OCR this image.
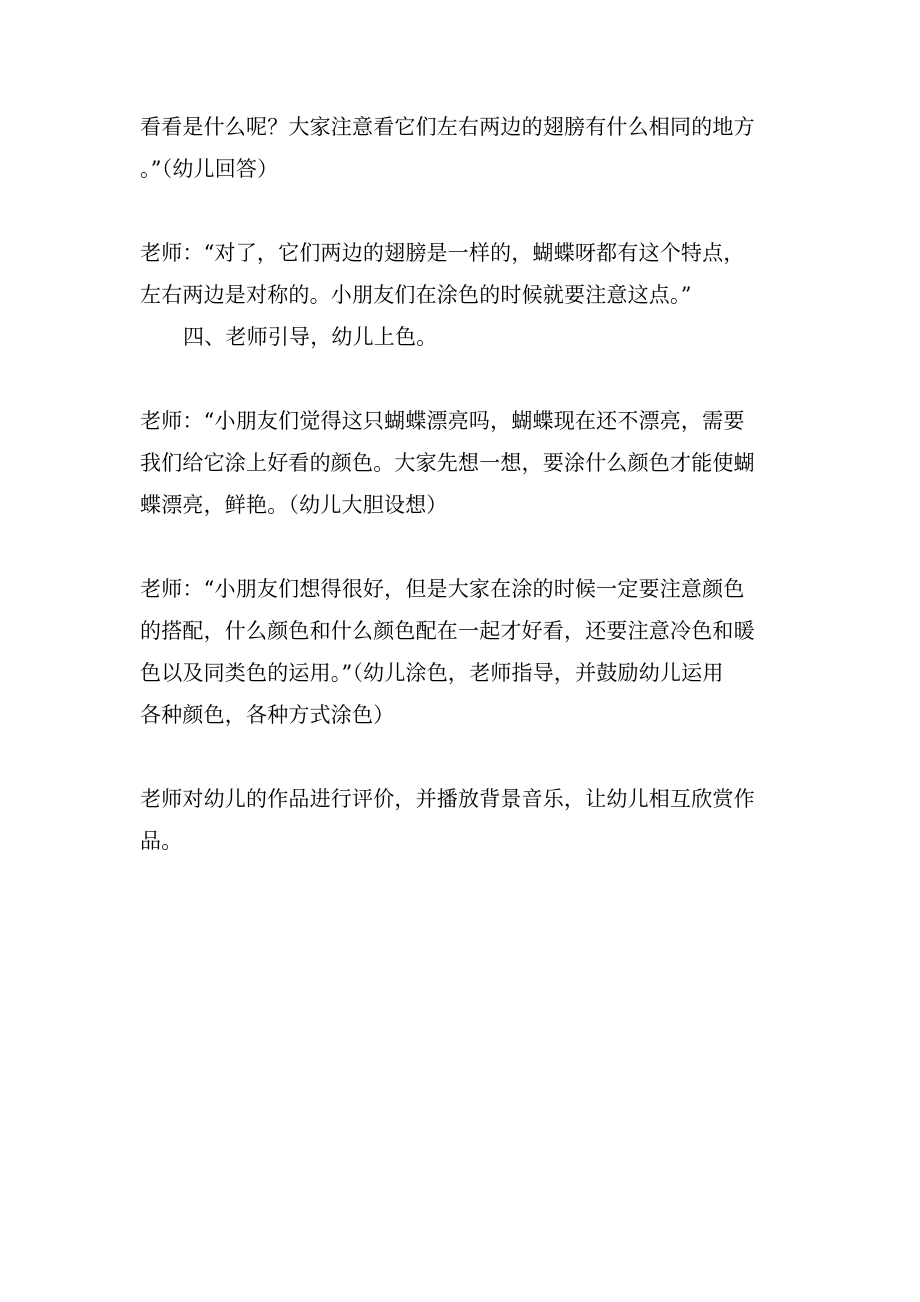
看看是什么呢？大家注意看它们左右两边的翅膀有什么相同的地方
。”（幼儿回答）
老师：“对了，它们两边的翅膀是一样的，蝴蝶呀都有这个特点，
左右两边是对称的。小朋友们在涂色的时候就要注意这点。”
四、老师引导，幼儿上色。
老师：“小朋友们觉得这只蝴蝶漂亮吗，蝴蝶现在还不漂亮，需要
我们给它涂上好看的颜色。大家先想一想，要涂什么颜色才能使蝴
蝶漂亮，鲜艳。（幼儿大胆设想）
老师：“小朋友们想得很好，但是大家在涂的时候一定要注意颜色
的搭配，什么颜色和什么颜色配在一起才好看，还要注意冷色和暖
色以及同类色的运用。”（幼儿涂色，老师指导，并鼓励幼儿运用
各种颜色，各种方式涂色）
老师对幼儿的作品进行评价，并播放背景音乐，让幼儿相互欣赏作
品。
